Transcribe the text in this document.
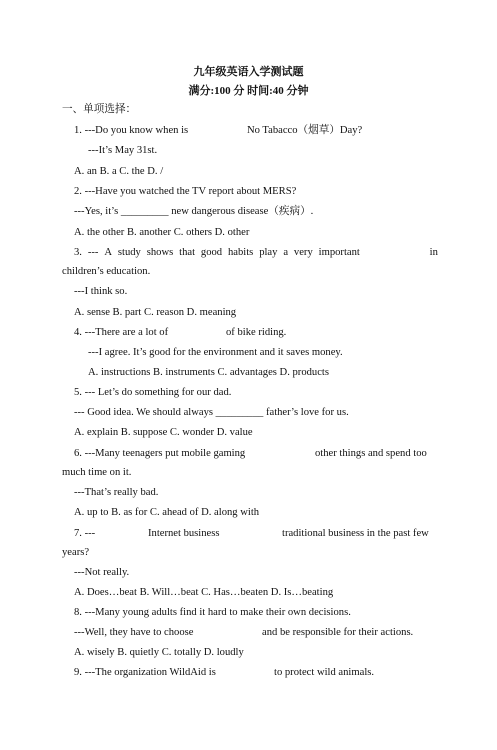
九年级英语入学测试题
满分:100 分 时间:40 分钟
一、单项选择：
1. ---Do you know when is	No Tabacco（烟草）Day?
---It’s May 31st.
A. an B. a C. the D. /
2. ---Have you watched the TV report about MERS?
---Yes, it’s _________ new dangerous disease（疾病）.
A. the other B. another C. others D. other
3. --- A study shows that good habits play a very important	in
children’s education.
---I think so.
A. sense B. part C. reason D. meaning
4. ---There are a lot of	of bike riding.
---I agree. It’s good for the environment and it saves money.
A. instructions B. instruments C. advantages D. products
5. --- Let’s do something for our dad.
--- Good idea. We should always _________ father’s love for us.
A. explain B. suppose C. wonder D. value
6. ---Many teenagers put mobile gaming	other things and spend too
much time on it.
---That’s really bad.
A. up to B. as for C. ahead of D. along with
7. ---	Internet business	traditional business in the past few
years?
---Not really.
A. Does…beat B. Will…beat C. Has…beaten D. Is…beating
8. ---Many young adults find it hard to make their own decisions.
---Well, they have to choose	and be responsible for their actions.
A. wisely B. quietly C. totally D. loudly
9. ---The organization WildAid is	to protect wild animals.
